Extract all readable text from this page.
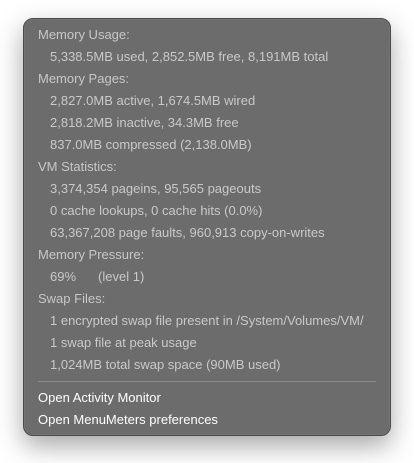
Memory Usage:
5,338.5MB used, 2,852.5MB free, 8,191MB total
Memory Pages:
2,827.0MB active, 1,674.5MB wired
2,818.2MB inactive, 34.3MB free
837.0MB compressed (2,138.0MB)
VM Statistics:
3,374,354 pageins, 95,565 pageouts
0 cache lookups, 0 cache hits (0.0%)
63,367,208 page faults, 960,913 copy-on-writes
Memory Pressure:
69% (level 1)
Swap Files:
1 encrypted swap file present in /System/Volumes/VM/
1 swap file at peak usage
1,024MB total swap space (90MB used)
Open Activity Monitor
Open MenuMeters preferences
